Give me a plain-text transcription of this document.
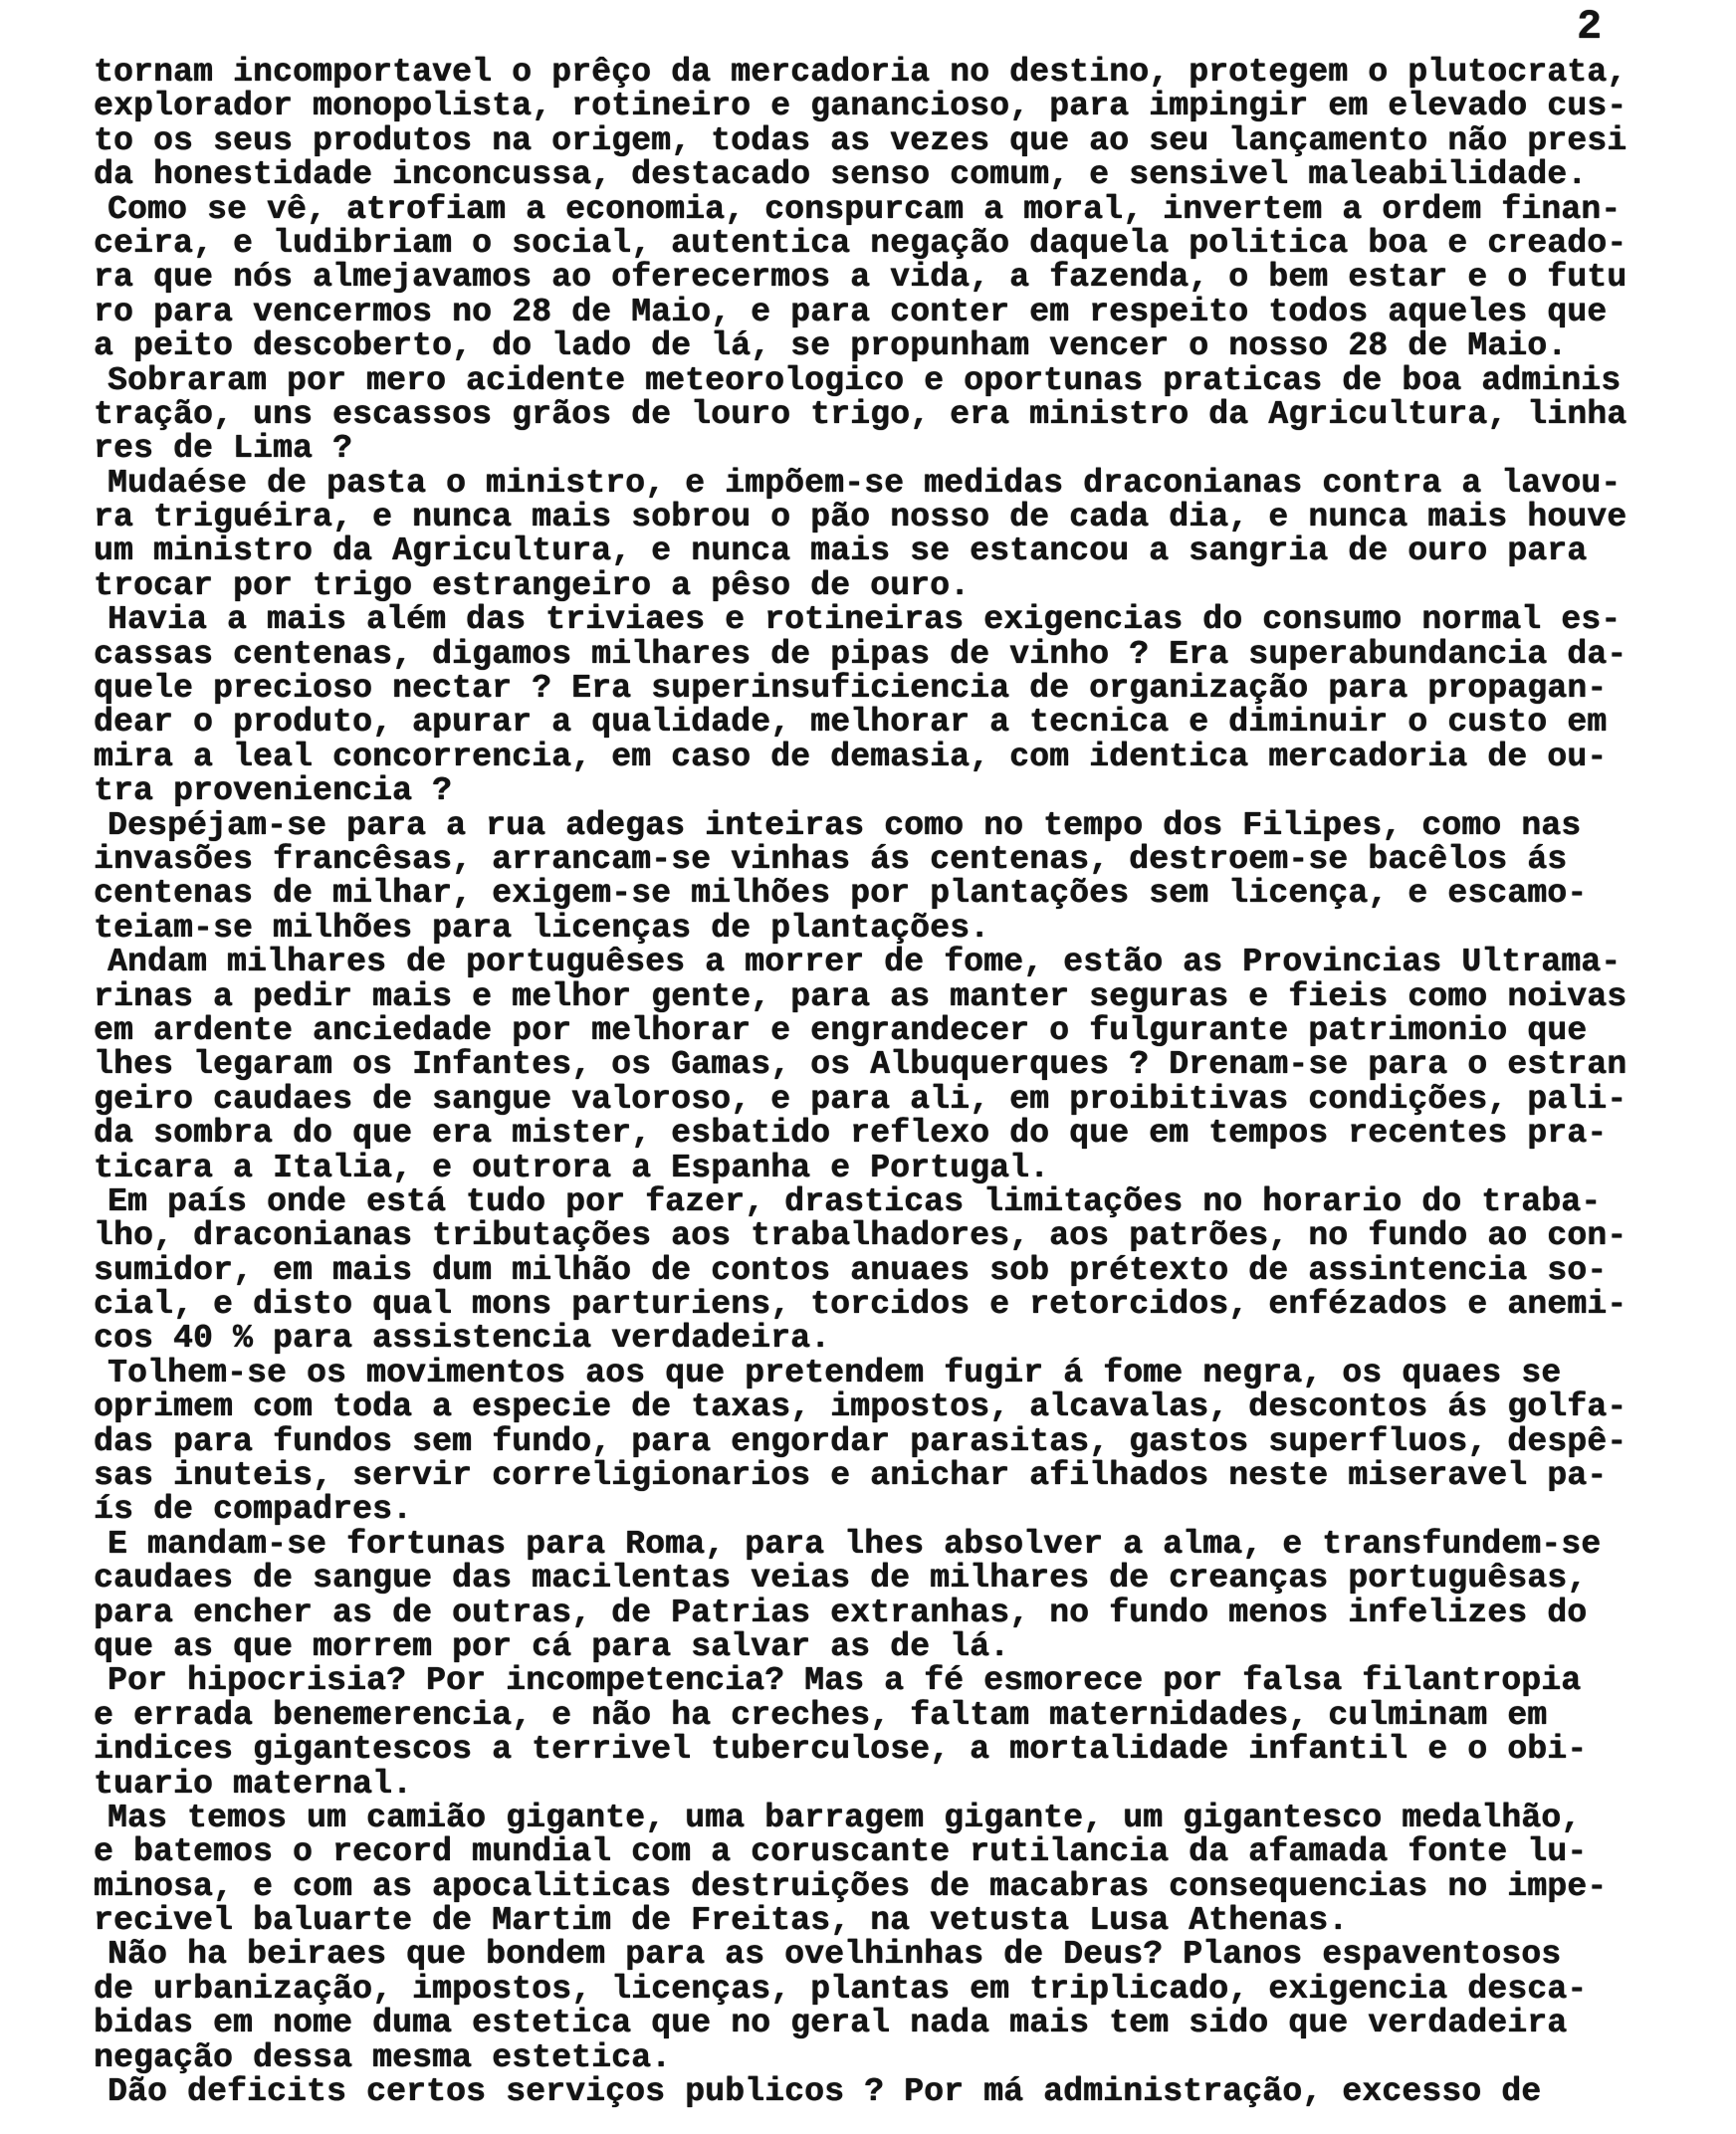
2
tornam incomportavel o prêço da mercadoria no destino, protegem o plutocrata,
explorador monopolista, rotineiro e ganancioso, para impingir em elevado cus-
to os seus produtos na origem, todas as vezes que ao seu lançamento não presi
da honestidade inconcussa, destacado senso comum, e sensivel maleabilidade.
Como se vê, atrofiam a economia, conspurcam a moral, invertem a ordem finan-
ceira, e ludibriam o social, autentica negação daquela politica boa e creado-
ra que nós almejavamos ao oferecermos a vida, a fazenda, o bem estar e o futu
ro para vencermos no 28 de Maio, e para conter em respeito todos aqueles que
a peito descoberto, do lado de lá, se propunham vencer o nosso 28 de Maio.
Sobraram por mero acidente meteorologico e oportunas praticas de boa adminis
tração, uns escassos grãos de louro trigo, era ministro da Agricultura, linha
res de Lima ?
Mudaése de pasta o ministro, e impõem-se medidas draconianas contra a lavou-
ra triguéira, e nunca mais sobrou o pão nosso de cada dia, e nunca mais houve
um ministro da Agricultura, e nunca mais se estancou a sangria de ouro para
trocar por trigo estrangeiro a pêso de ouro.
Havia a mais além das triviaes e rotineiras exigencias do consumo normal es-
cassas centenas, digamos milhares de pipas de vinho ? Era superabundancia da-
quele precioso nectar ? Era superinsuficiencia de organização para propagan-
dear o produto, apurar a qualidade, melhorar a tecnica e diminuir o custo em
mira a leal concorrencia, em caso de demasia, com identica mercadoria de ou-
tra proveniencia ?
Despéjam-se para a rua adegas inteiras como no tempo dos Filipes, como nas
invasões francêsas, arrancam-se vinhas ás centenas, destroem-se bacêlos ás
centenas de milhar, exigem-se milhões por plantações sem licença, e escamo-
teiam-se milhões para licenças de plantações.
Andam milhares de portuguêses a morrer de fome, estão as Provincias Ultrama-
rinas a pedir mais e melhor gente, para as manter seguras e fieis como noivas
em ardente anciedade por melhorar e engrandecer o fulgurante patrimonio que
lhes legaram os Infantes, os Gamas, os Albuquerques ? Drenam-se para o estran
geiro caudaes de sangue valoroso, e para ali, em proibitivas condições, pali-
da sombra do que era mister, esbatido reflexo do que em tempos recentes pra-
ticara a Italia, e outrora a Espanha e Portugal.
Em país onde está tudo por fazer, drasticas limitações no horario do traba-
lho, draconianas tributações aos trabalhadores, aos patrões, no fundo ao con-
sumidor, em mais dum milhão de contos anuaes sob prétexto de assintencia so-
cial, e disto qual mons parturiens, torcidos e retorcidos, enfézados e anemi-
cos 40 % para assistencia verdadeira.
Tolhem-se os movimentos aos que pretendem fugir á fome negra, os quaes se
oprimem com toda a especie de taxas, impostos, alcavalas, descontos ás golfa-
das para fundos sem fundo, para engordar parasitas, gastos superfluos, despê-
sas inuteis, servir correligionarios e anichar afilhados neste miseravel pa-
ís de compadres.
E mandam-se fortunas para Roma, para lhes absolver a alma, e transfundem-se
caudaes de sangue das macilentas veias de milhares de creanças portuguêsas,
para encher as de outras, de Patrias extranhas, no fundo menos infelizes do
que as que morrem por cá para salvar as de lá.
Por hipocrisia? Por incompetencia? Mas a fé esmorece por falsa filantropia
e errada benemerencia, e não ha creches, faltam maternidades, culminam em
indices gigantescos a terrivel tuberculose, a mortalidade infantil e o obi-
tuario maternal.
Mas temos um camião gigante, uma barragem gigante, um gigantesco medalhão,
e batemos o record mundial com a coruscante rutilancia da afamada fonte lu-
minosa, e com as apocaliticas destruições de macabras consequencias no impe-
recivel baluarte de Martim de Freitas, na vetusta Lusa Athenas.
Não ha beiraes que bondem para as ovelhinhas de Deus? Planos espaventosos
de urbanização, impostos, licenças, plantas em triplicado, exigencia desca-
bidas em nome duma estetica que no geral nada mais tem sido que verdadeira
negação dessa mesma estetica.
Dão deficits certos serviços publicos ? Por má administração, excesso de
